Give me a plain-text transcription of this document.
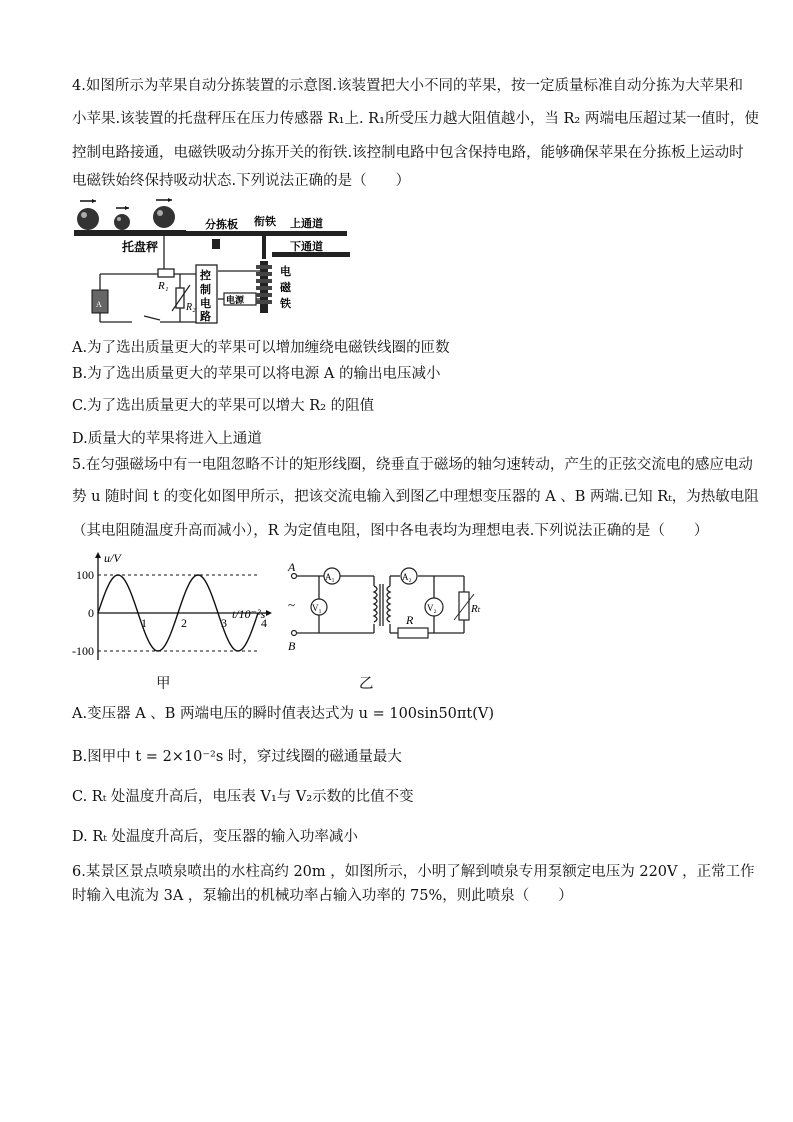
4.如图所示为苹果自动分拣装置的示意图.该装置把大小不同的苹果，按一定质量标准自动分拣为大苹果和
小苹果.该装置的托盘秤压在压力传感器 R₁上. R₁所受压力越大阻值越小，当 R₂ 两端电压超过某一值时，使
控制电路接通，电磁铁吸动分拣开关的衔铁.该控制电路中包含保持电路，能够确保苹果在分拣板上运动时
电磁铁始终保持吸动状态.下列说法正确的是（　　）
托盘秤
分拣板 衔铁 上通道
下通道
R₁
R₂
A
控
制
电
路
电源
电
磁
铁
A.为了选出质量更大的苹果可以增加缠绕电磁铁线圈的匝数
B.为了选出质量更大的苹果可以将电源 A 的输出电压减小
C.为了选出质量更大的苹果可以增大 R₂ 的阻值
D.质量大的苹果将进入上通道
5.在匀强磁场中有一电阻忽略不计的矩形线圈，绕垂直于磁场的轴匀速转动，产生的正弦交流电的感应电动
势 u 随时间 t 的变化如图甲所示，把该交流电输入到图乙中理想变压器的 A 、B 两端.已知 Rₜ，为热敏电阻
（其电阻随温度升高而减小），R 为定值电阻，图中各电表均为理想电表.下列说法正确的是（　　）
100
0
-100
1	2	3	4
u/V
t/10⁻²s
A
B
~
A₁
V₁
A₂
V₂
R
Rₜ
甲	乙
A.变压器 A 、B 两端电压的瞬时值表达式为 u = 100sin50πt(V)
B.图甲中 t = 2×10⁻²s 时，穿过线圈的磁通量最大
C. Rₜ 处温度升高后，电压表 V₁与 V₂示数的比值不变
D. Rₜ 处温度升高后，变压器的输入功率减小
6.某景区景点喷泉喷出的水柱高约 20m ，如图所示，小明了解到喷泉专用泵额定电压为 220V ，正常工作
时输入电流为 3A ，泵输出的机械功率占输入功率的 75%，则此喷泉（　　）
